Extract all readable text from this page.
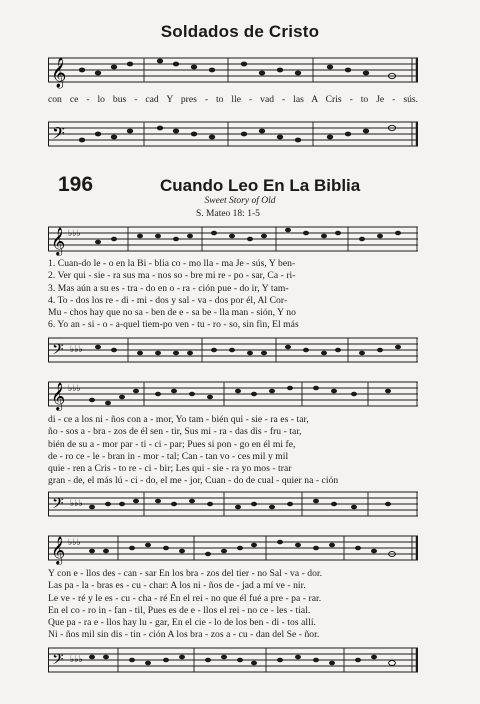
Soldados de Cristo
𝄞
con ce - lo bus - cad Y pres - to lle - vad - las A Cris - to Je - sús.
𝄢
196	Cuando Leo En La Biblia
Sweet Story of Old
S. Mateo 18: 1-5
𝄞 ♭♭♭
1. Cuan-do le - o en la Bi - blia co - mo lla - ma Je - sús, Y ben-
2. Ver qui - sie - ra sus ma - nos so - bre mi re - po - sar, Ca - ri-
3. Mas aún a su es - tra - do en o - ra - ción pue - do ir, Y tam-
4. To - dos los re - di - mi - dos y sal - va - dos por él, Al Cor-
Mu - chos hay que no sa - ben de e - sa be - lla man - sión, Y no
6. Yo an - si - o - a-quel tiem-po ven - tu - ro - so, sin fin, El más
𝄢 ♭♭♭
𝄞 ♭♭♭
di - ce a los ni - ños con a - mor, Yo tam - bién qui - sie - ra es - tar,
ño - sos a - bra - zos de él sen - tir, Sus mi - ra - das dis - fru - tar,
bién de su a - mor par - ti - ci - par; Pues si pon - go en él mi fe,
de - ro ce - le - bran in - mor - tal; Can - tan vo - ces mil y mil
quie - ren a Cris - to re - ci - bir; Les qui - sie - ra yo mos - trar
gran - de, el más lú - ci - do, el me - jor, Cuan - do de cual - quier na - ción
𝄢 ♭♭♭
𝄞 ♭♭♭
Y con e - llos des - can - sar En los bra - zos del tier - no Sal - va - dor.
Las pa - la - bras es - cu - char: A los ni - ños de - jad a mí ve - nir.
Le ve - ré y le es - cu - cha - ré En el rei - no que él fué a pre - pa - rar.
En el co - ro in - fan - til, Pues es de e - llos el rei - no ce - les - tial.
Que pa - ra e - llos hay lu - gar, En el cie - lo de los ben - di - tos allí.
Ni - ños mil sin dis - tin - ción A los bra - zos a - cu - dan del Se - ñor.
𝄢 ♭♭♭
